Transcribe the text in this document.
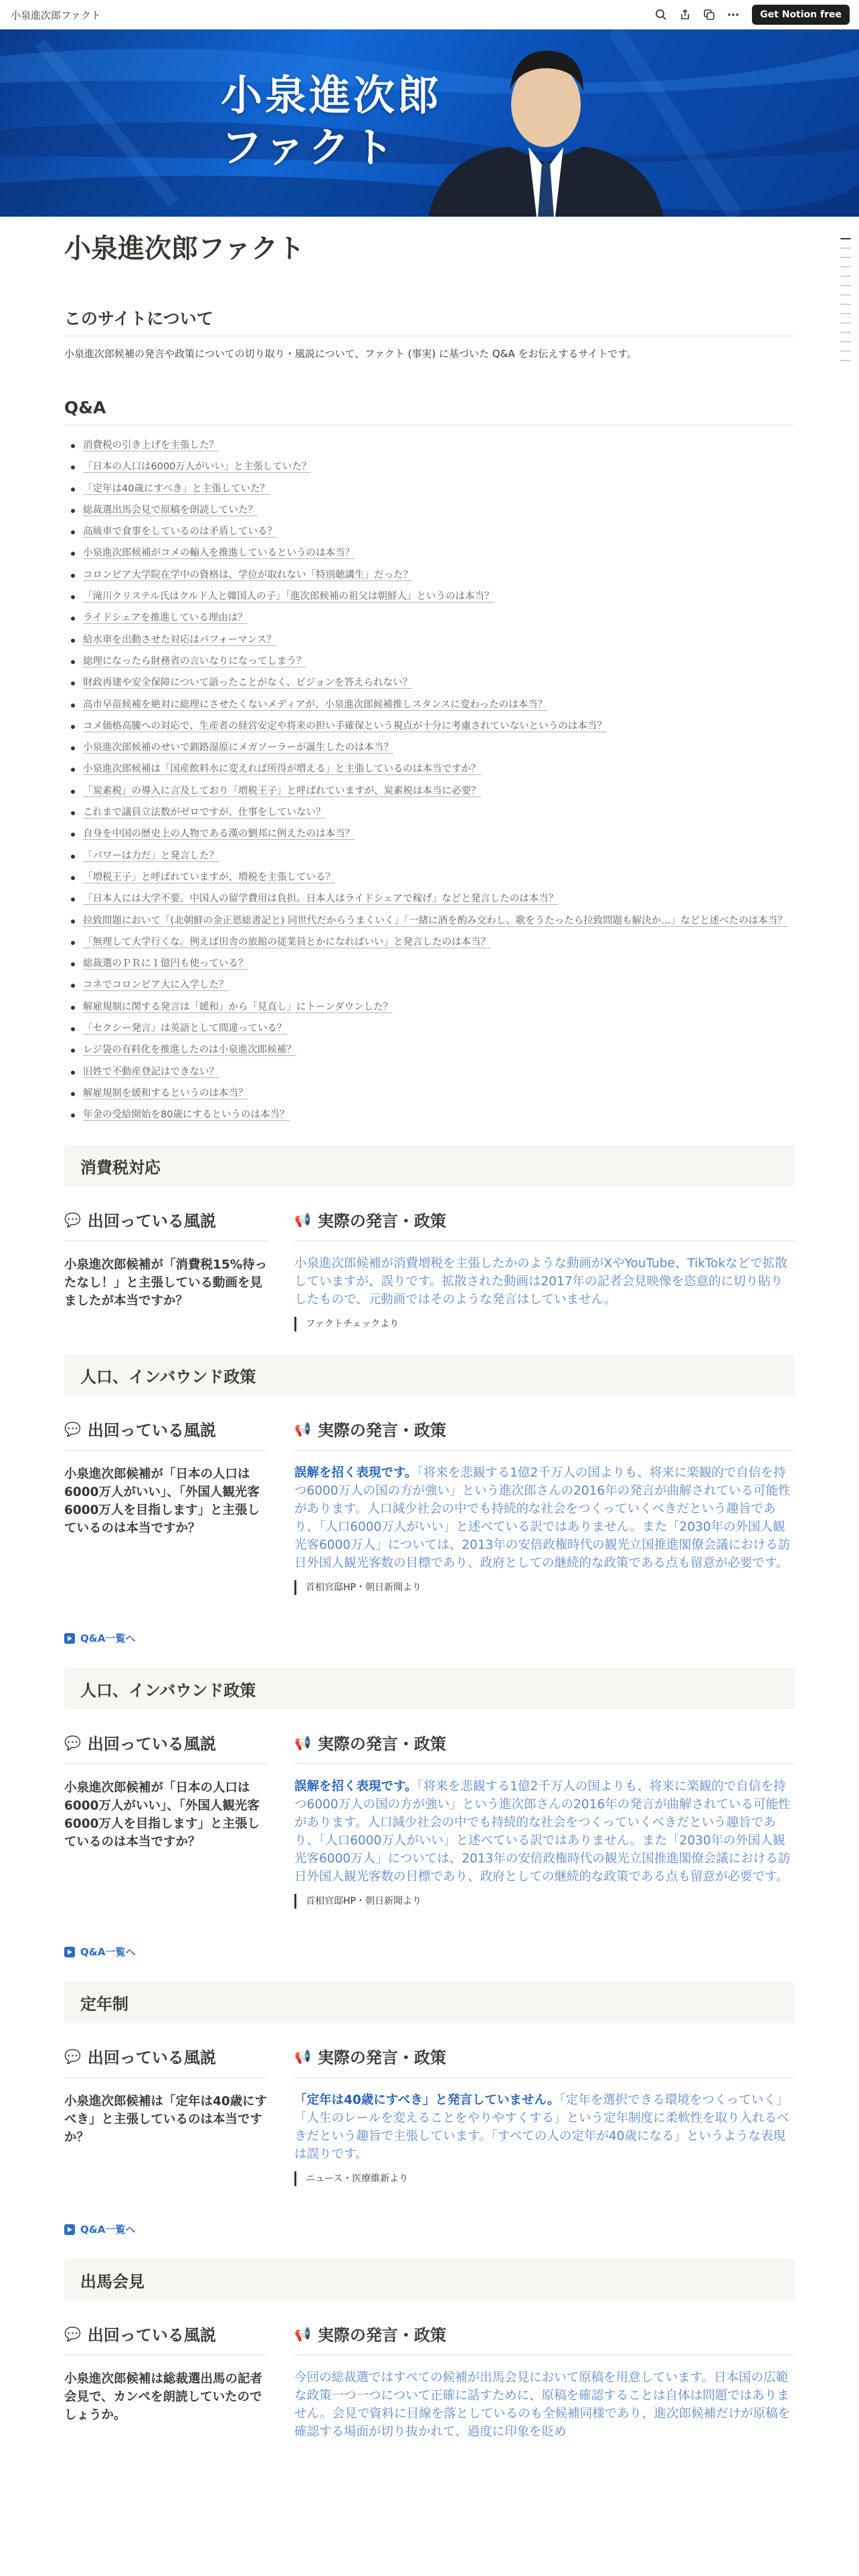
小泉進次郎ファクト	Get Notion free
小泉進次郎
ファクト
小泉進次郎ファクト
このサイトについて
小泉進次郎候補の発言や政策についての切り取り・風説について、ファクト (事実) に基づいた Q&A をお伝えするサイトです。
Q&A
消費税の引き上げを主張した？
「日本の人口は6000万人がいい」と主張していた？
「定年は40歳にすべき」と主張していた？
総裁選出馬会見で原稿を朗読していた？
高級車で食事をしているのは矛盾している？
小泉進次郎候補がコメの輸入を推進しているというのは本当？
コロンビア大学院在学中の資格は、学位が取れない「特別聴講生」だった？
「滝川クリステル氏はクルド人と韓国人の子」「進次郎候補の祖父は朝鮮人」というのは本当？
ライドシェアを推進している理由は？
給水車を出動させた対応はパフォーマンス？
総理になったら財務省の言いなりになってしまう？
財政再建や安全保障について語ったことがなく、ビジョンを答えられない？
高市早苗候補を絶対に総理にさせたくないメディアが、小泉進次郎候補推しスタンスに変わったのは本当？
コメ価格高騰への対応で、生産者の経営安定や将来の担い手確保という視点が十分に考慮されていないというのは本当？
小泉進次郎候補のせいで釧路湿原にメガソーラーが誕生したのは本当？
小泉進次郎候補は「国産飲料水に変えれば所得が増える」と主張しているのは本当ですか？
「炭素税」の導入に言及しており「増税王子」と呼ばれていますが、炭素税は本当に必要？
これまで議員立法数がゼロですが、仕事をしていない？
自身を中国の歴史上の人物である漢の劉邦に例えたのは本当？
「パワーは力だ」と発言した？
「増税王子」と呼ばれていますが、増税を主張している？
「日本人には大学不要。中国人の留学費用は負担。日本人はライドシェアで稼げ」などと発言したのは本当？
拉致問題において「(北朝鮮の金正恩総書記と) 同世代だからうまくいく」「一緒に酒を酌み交わし、歌をうたったら拉致問題も解決か…」などと述べたのは本当？
「無理して大学行くな。例えば田舎の旅館の従業員とかになればいい」と発言したのは本当？
総裁選のＰＲに１億円も使っている？
コネでコロンビア大に入学した？
解雇規制に関する発言は「緩和」から「見直し」にトーンダウンした？
「セクシー発言」は英語として間違っている？
レジ袋の有料化を推進したのは小泉進次郎候補？
旧姓で不動産登記はできない？
解雇規制を緩和するというのは本当？
年金の受給開始を80歳にするというのは本当？
消費税対応
💬 出回っている風説
小泉進次郎候補が「消費税15%待ったなし！」と主張している動画を見ましたが本当ですか？
📢 実際の発言・政策
小泉進次郎候補が消費増税を主張したかのような動画がXやYouTube、TikTokなどで拡散していますが、誤りです。拡散された動画は2017年の記者会見映像を恣意的に切り貼りしたもので、元動画ではそのような発言はしていません。
ファクトチェックより
人口、インバウンド政策
💬 出回っている風説
小泉進次郎候補が「日本の人口は6000万人がいい」、「外国人観光客6000万人を目指します」と主張しているのは本当ですか？
📢 実際の発言・政策
誤解を招く表現です。「将来を悲観する1億2千万人の国よりも、将来に楽観的で自信を持つ6000万人の国の方が強い」という進次郎さんの2016年の発言が曲解されている可能性があります。人口減少社会の中でも持続的な社会をつくっていくべきだという趣旨であり、「人口6000万人がいい」と述べている訳ではありません。また「2030年の外国人観光客6000万人」については、2013年の安倍政権時代の観光立国推進閣僚会議における訪日外国人観光客数の目標であり、政府としての継続的な政策である点も留意が必要です。
首相官邸HP・朝日新聞より
Q&A一覧へ
人口、インバウンド政策
💬 出回っている風説
小泉進次郎候補が「日本の人口は6000万人がいい」、「外国人観光客6000万人を目指します」と主張しているのは本当ですか？
📢 実際の発言・政策
誤解を招く表現です。「将来を悲観する1億2千万人の国よりも、将来に楽観的で自信を持つ6000万人の国の方が強い」という進次郎さんの2016年の発言が曲解されている可能性があります。人口減少社会の中でも持続的な社会をつくっていくべきだという趣旨であり、「人口6000万人がいい」と述べている訳ではありません。また「2030年の外国人観光客6000万人」については、2013年の安倍政権時代の観光立国推進閣僚会議における訪日外国人観光客数の目標であり、政府としての継続的な政策である点も留意が必要です。
首相官邸HP・朝日新聞より
Q&A一覧へ
定年制
💬 出回っている風説
小泉進次郎候補は「定年は40歳にすべき」と主張しているのは本当ですか？
📢 実際の発言・政策
「定年は40歳にすべき」と発言していません。「定年を選択できる環境をつくっていく」「人生のレールを変えることをやりやすくする」という定年制度に柔軟性を取り入れるべきだという趣旨で主張しています。「すべての人の定年が40歳になる」というような表現は誤りです。
ニュース・医療維新より
Q&A一覧へ
出馬会見
💬 出回っている風説
小泉進次郎候補は総裁選出馬の記者会見で、カンペを朗読していたのでしょうか。
📢 実際の発言・政策
今回の総裁選ではすべての候補が出馬会見において原稿を用意しています。日本国の広範な政策一つ一つについて正確に話すために、原稿を確認することは自体は問題ではありません。会見で資料に目線を落としているのも全候補同様であり、進次郎候補だけが原稿を確認する場面が切り抜かれて、過度に印象を貶め
